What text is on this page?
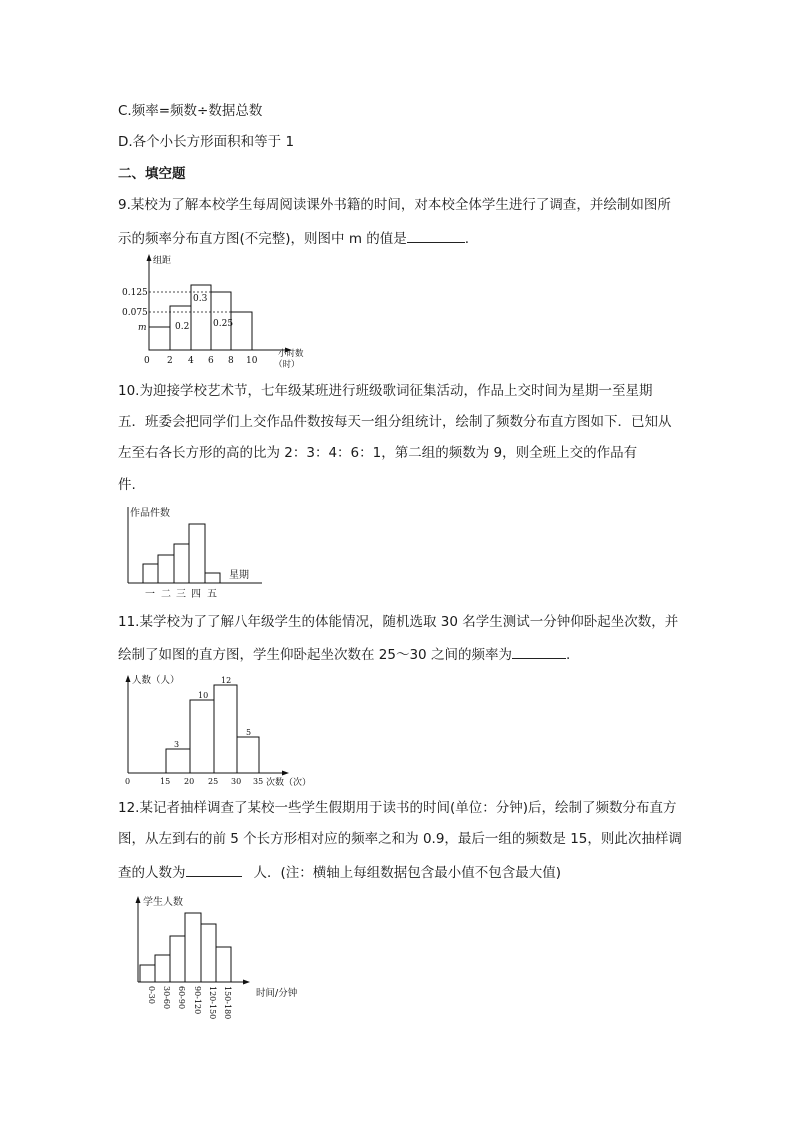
C.频率=频数÷数据总数
D.各个小长方形面积和等于 1
二、填空题
9.某校为了解本校学生每周阅读课外书籍的时间，对本校全体学生进行了调查，并绘制如图所
示的频率分布直方图(不完整)，则图中 m 的值是	.
组距
0.125
0.075
m	0.2
0.3
0.25
0 2 4 6 8 10
小时数
（时）
10.为迎接学校艺术节，七年级某班进行班级歌词征集活动，作品上交时间为星期一至星期
五．班委会把同学们上交作品件数按每天一组分组统计，绘制了频数分布直方图如下．已知从
左至右各长方形的高的比为 2：3：4：6：1，第二组的频数为 9，则全班上交的作品有
件.
作品件数
星期
一 二 三 四 五
11.某学校为了了解八年级学生的体能情况，随机选取 30 名学生测试一分钟仰卧起坐次数，并
绘制了如图的直方图，学生仰卧起坐次数在 25～30 之间的频率为	.
人数（人）
3
10
12
5
0	15 20 25 30 35 次数（次）
12.某记者抽样调查了某校一些学生假期用于读书的时间(单位：分钟)后，绘制了频数分布直方
图，从左到右的前 5 个长方形相对应的频率之和为 0.9，最后一组的频数是 15，则此次抽样调
查的人数为	人．(注：横轴上每组数据包含最小值不包含最大值)
学生人数
时间/分钟
0-30 30-60 60-90 90-120 120-150 150-180
